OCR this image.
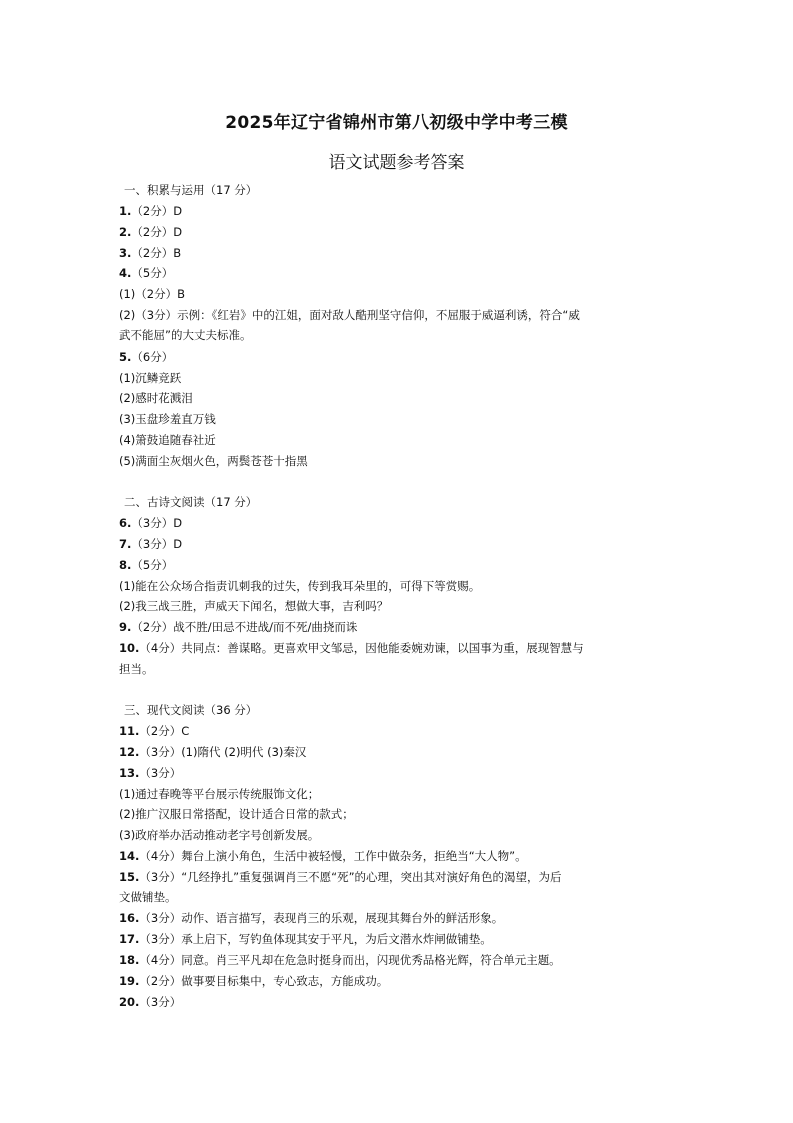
2025年辽宁省锦州市第八初级中学中考三模
语文试题参考答案
一、积累与运用（17 分）
1.（2分）D
2.（2分）D
3.（2分）B
4.（5分）
(1)（2分）B
(2)（3分）示例：《红岩》中的江姐，面对敌人酷刑坚守信仰，不屈服于威逼利诱，符合“威
武不能屈”的大丈夫标准。
5.（6分）
(1)沉鳞竞跃
(2)感时花溅泪
(3)玉盘珍羞直万钱
(4)箫鼓追随春社近
(5)满面尘灰烟火色，两鬓苍苍十指黑
二、古诗文阅读（17 分）
6.（3分）D
7.（3分）D
8.（5分）
(1)能在公众场合指责讥刺我的过失，传到我耳朵里的，可得下等赏赐。
(2)我三战三胜，声威天下闻名，想做大事，吉利吗？
9.（2分）战不胜/田忌不进战/而不死/曲挠而诛
10.（4分）共同点：善谋略。更喜欢甲文邹忌，因他能委婉劝谏，以国事为重，展现智慧与
担当。
三、现代文阅读（36 分）
11.（2分）C
12.（3分）(1)隋代 (2)明代 (3)秦汉
13.（3分）
(1)通过春晚等平台展示传统服饰文化；
(2)推广汉服日常搭配，设计适合日常的款式；
(3)政府举办活动推动老字号创新发展。
14.（4分）舞台上演小角色，生活中被轻慢，工作中做杂务，拒绝当“大人物”。
15.（3分）“几经挣扎”重复强调肖三不愿“死”的心理，突出其对演好角色的渴望，为后
文做铺垫。
16.（3分）动作、语言描写，表现肖三的乐观，展现其舞台外的鲜活形象。
17.（3分）承上启下，写钓鱼体现其安于平凡，为后文潜水炸闸做铺垫。
18.（4分）同意。肖三平凡却在危急时挺身而出，闪现优秀品格光辉，符合单元主题。
19.（2分）做事要目标集中，专心致志，方能成功。
20.（3分）
